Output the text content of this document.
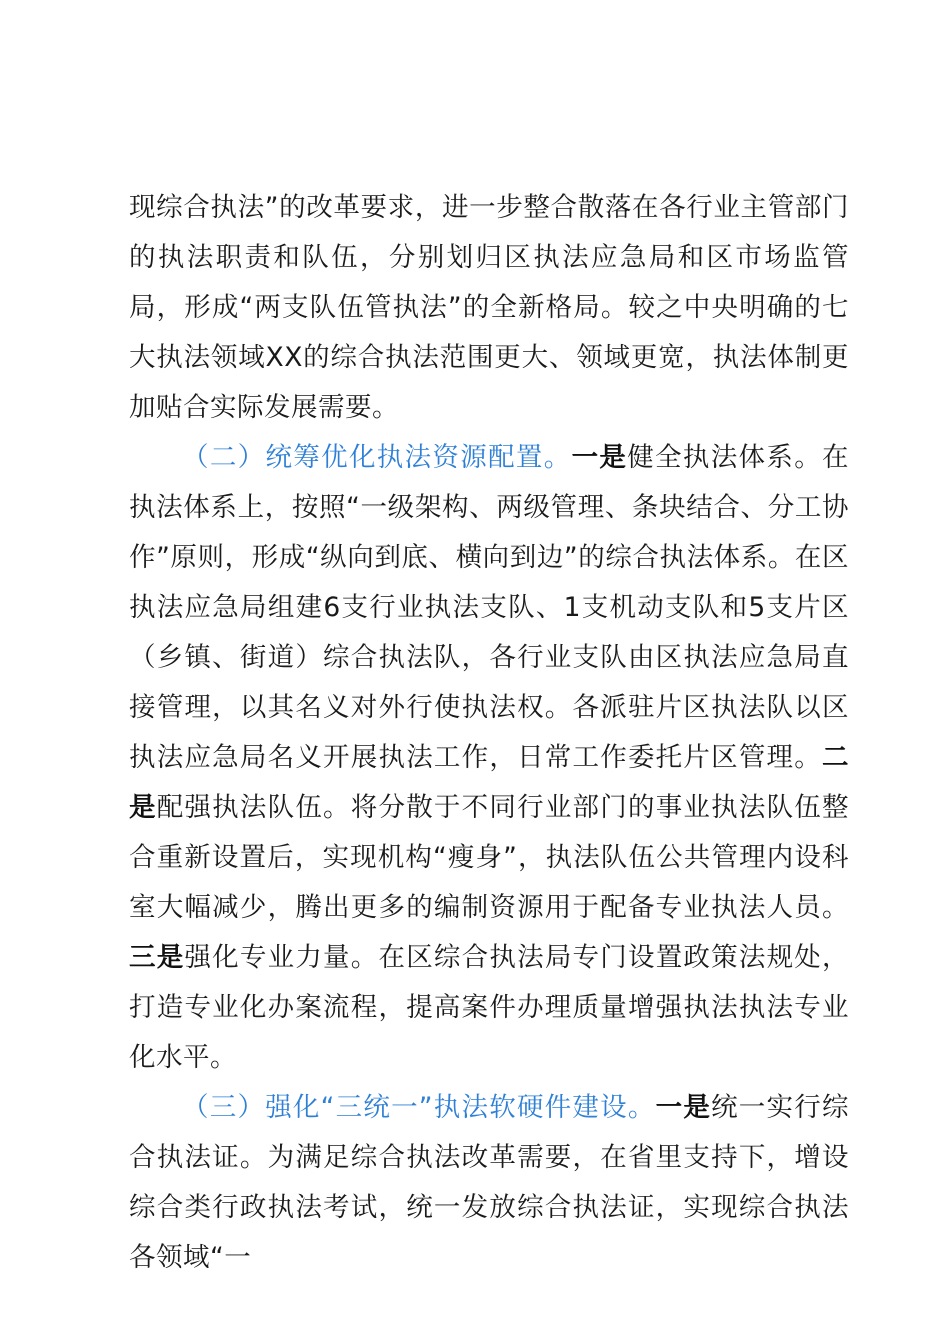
现综合执法”的改革要求，进一步整合散落在各行业主管部门的执法职责和队伍，分别划归区执法应急局和区市场监管局，形成“两支队伍管执法”的全新格局。较之中央明确的七大执法领域XX的综合执法范围更大、领域更宽，执法体制更加贴合实际发展需要。

（二）统筹优化执法资源配置。一是健全执法体系。在执法体系上，按照“一级架构、两级管理、条块结合、分工协作”原则，形成“纵向到底、横向到边”的综合执法体系。在区执法应急局组建6支行业执法支队、1支机动支队和5支片区（乡镇、街道）综合执法队，各行业支队由区执法应急局直接管理，以其名义对外行使执法权。各派驻片区执法队以区执法应急局名义开展执法工作，日常工作委托片区管理。二是配强执法队伍。将分散于不同行业部门的事业执法队伍整合重新设置后，实现机构“瘦身”，执法队伍公共管理内设科室大幅减少，腾出更多的编制资源用于配备专业执法人员。三是强化专业力量。在区综合执法局专门设置政策法规处，打造专业化办案流程，提高案件办理质量增强执法执法专业化水平。

（三）强化“三统一”执法软硬件建设。一是统一实行综合执法证。为满足综合执法改革需要，在省里支持下，增设综合类行政执法考试，统一发放综合执法证，实现综合执法各领域“一
